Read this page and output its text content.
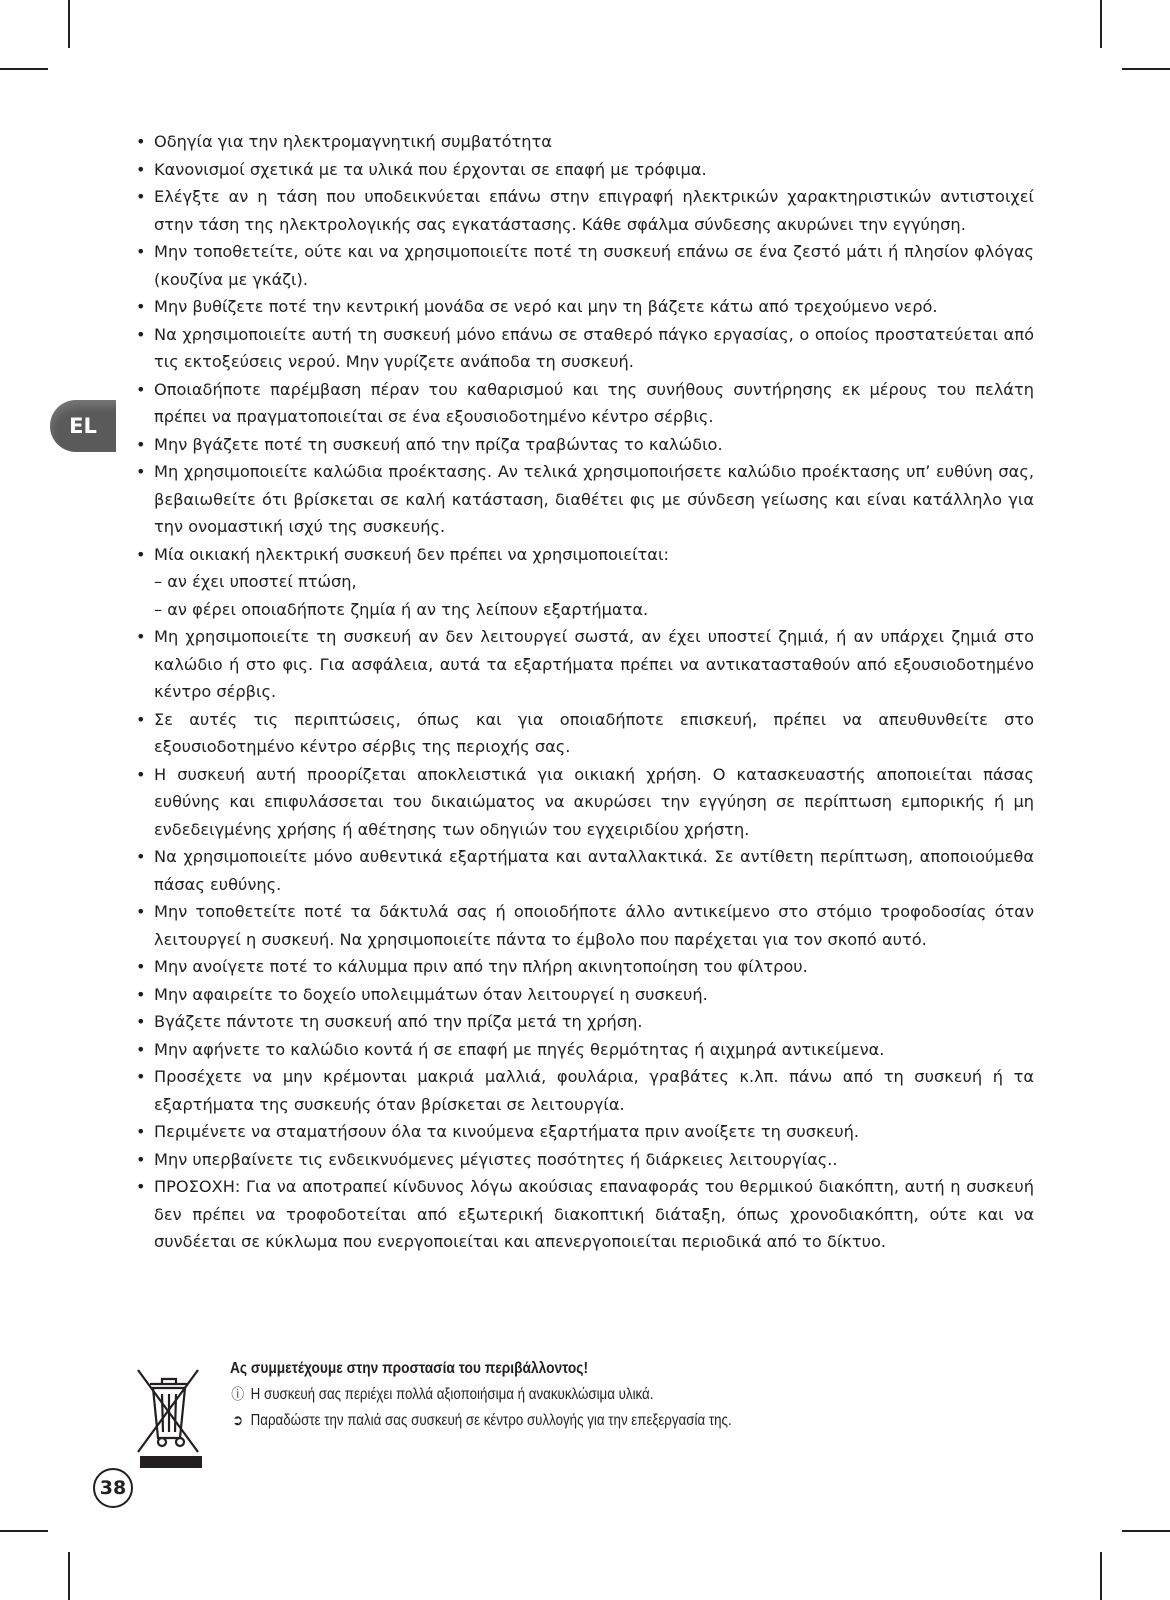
EL
• Οδηγία για την ηλεκτρομαγνητική συμβατότητα
• Κανονισμοί σχετικά με τα υλικά που έρχονται σε επαφή με τρόφιμα.
• Ελέγξτε αν η τάση που υποδεικνύεται επάνω στην επιγραφή ηλεκτρικών χαρακτηριστικών αντιστοιχεί στην τάση της ηλεκτρολογικής σας εγκατάστασης. Κάθε σφάλμα σύνδεσης ακυρώνει την εγγύηση.
• Μην τοποθετείτε, ούτε και να χρησιμοποιείτε ποτέ τη συσκευή επάνω σε ένα ζεστό μάτι ή πλησίον φλόγας (κουζίνα με γκάζι).
• Μην βυθίζετε ποτέ την κεντρική μονάδα σε νερό και μην τη βάζετε κάτω από τρεχούμενο νερό.
• Να χρησιμοποιείτε αυτή τη συσκευή μόνο επάνω σε σταθερό πάγκο εργασίας, ο οποίος προστατεύεται από τις εκτοξεύσεις νερού. Μην γυρίζετε ανάποδα τη συσκευή.
• Οποιαδήποτε παρέμβαση πέραν του καθαρισμού και της συνήθους συντήρησης εκ μέρους του πελάτη πρέπει να πραγματοποιείται σε ένα εξουσιοδοτημένο κέντρο σέρβις.
• Μην βγάζετε ποτέ τη συσκευή από την πρίζα τραβώντας το καλώδιο.
• Μη χρησιμοποιείτε καλώδια προέκτασης. Αν τελικά χρησιμοποιήσετε καλώδιο προέκτασης υπ’ ευθύνη σας, βεβαιωθείτε ότι βρίσκεται σε καλή κατάσταση, διαθέτει φις με σύνδεση γείωσης και είναι κατάλληλο για την ονομαστική ισχύ της συσκευής.
• Μία οικιακή ηλεκτρική συσκευή δεν πρέπει να χρησιμοποιείται:
– αν έχει υποστεί πτώση,
– αν φέρει οποιαδήποτε ζημία ή αν της λείπουν εξαρτήματα.
• Μη χρησιμοποιείτε τη συσκευή αν δεν λειτουργεί σωστά, αν έχει υποστεί ζημιά, ή αν υπάρχει ζημιά στο καλώδιο ή στο φις. Για ασφάλεια, αυτά τα εξαρτήματα πρέπει να αντικατασταθούν από εξουσιοδοτημένο κέντρο σέρβις.
• Σε αυτές τις περιπτώσεις, όπως και για οποιαδήποτε επισκευή, πρέπει να απευθυνθείτε στο εξουσιοδοτημένο κέντρο σέρβις της περιοχής σας.
• Η συσκευή αυτή προορίζεται αποκλειστικά για οικιακή χρήση. Ο κατασκευαστής αποποιείται πάσας ευθύνης και επιφυλάσσεται του δικαιώματος να ακυρώσει την εγγύηση σε περίπτωση εμπορικής ή μη ενδεδειγμένης χρήσης ή αθέτησης των οδηγιών του εγχειριδίου χρήστη.
• Να χρησιμοποιείτε μόνο αυθεντικά εξαρτήματα και ανταλλακτικά. Σε αντίθετη περίπτωση, αποποιούμεθα πάσας ευθύνης.
• Μην τοποθετείτε ποτέ τα δάκτυλά σας ή οποιοδήποτε άλλο αντικείμενο στο στόμιο τροφοδοσίας όταν λειτουργεί η συσκευή. Να χρησιμοποιείτε πάντα το έμβολο που παρέχεται για τον σκοπό αυτό.
• Μην ανοίγετε ποτέ το κάλυμμα πριν από την πλήρη ακινητοποίηση του φίλτρου.
• Μην αφαιρείτε το δοχείο υπολειμμάτων όταν λειτουργεί η συσκευή.
• Βγάζετε πάντοτε τη συσκευή από την πρίζα μετά τη χρήση.
• Μην αφήνετε το καλώδιο κοντά ή σε επαφή με πηγές θερμότητας ή αιχμηρά αντικείμενα.
• Προσέχετε να μην κρέμονται μακριά μαλλιά, φουλάρια, γραβάτες κ.λπ. πάνω από τη συσκευή ή τα εξαρτήματα της συσκευής όταν βρίσκεται σε λειτουργία.
• Περιμένετε να σταματήσουν όλα τα κινούμενα εξαρτήματα πριν ανοίξετε τη συσκευή.
• Μην υπερβαίνετε τις ενδεικνυόμενες μέγιστες ποσότητες ή διάρκειες λειτουργίας..
• ΠΡΟΣΟΧΗ: Για να αποτραπεί κίνδυνος λόγω ακούσιας επαναφοράς του θερμικού διακόπτη, αυτή η συσκευή δεν πρέπει να τροφοδοτείται από εξωτερική διακοπτική διάταξη, όπως χρονοδιακόπτη, ούτε και να συνδέεται σε κύκλωμα που ενεργοποιείται και απενεργοποιείται περιοδικά από το δίκτυο.
Ας συμμετέχουμε στην προστασία του περιβάλλοντος!
ⓘ Η συσκευή σας περιέχει πολλά αξιοποιήσιμα ή ανακυκλώσιμα υλικά.
➲ Παραδώστε την παλιά σας συσκευή σε κέντρο συλλογής για την επεξεργασία της.
38
